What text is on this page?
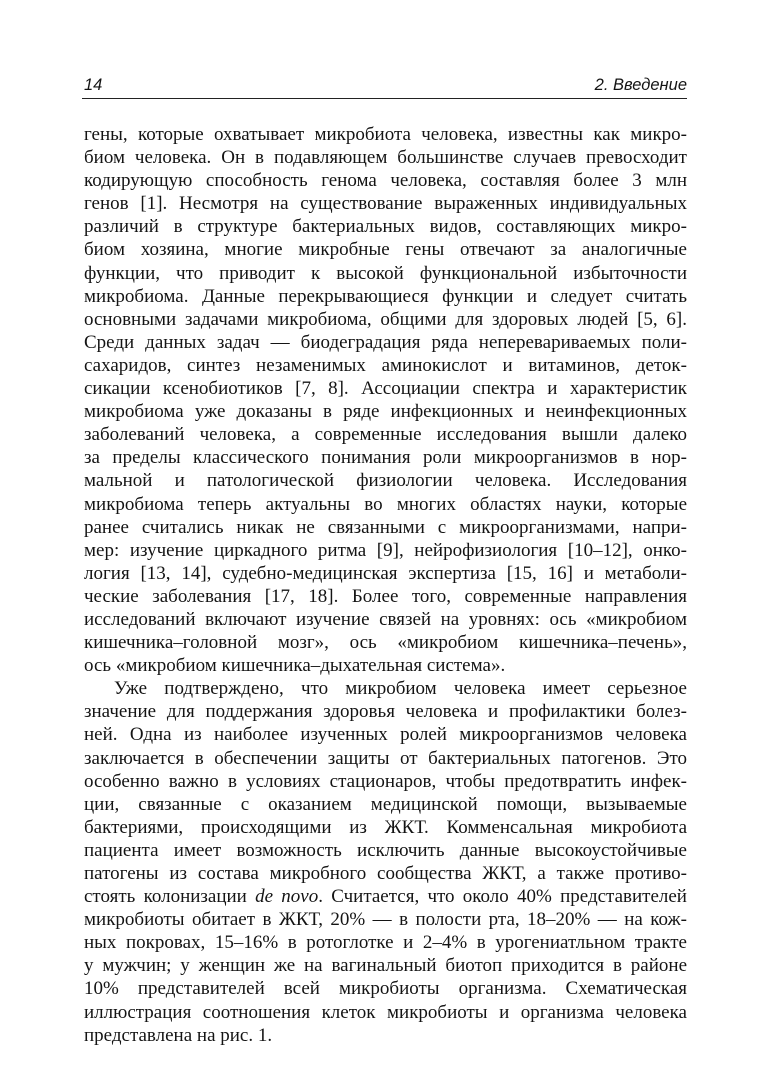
14	2. Введение
гены, которые охватывает микробиота человека, известны как микро-
биом человека. Он в подавляющем большинстве случаев превосходит
кодирующую способность генома человека, составляя более 3 млн
генов [1]. Несмотря на существование выраженных индивидуальных
различий в структуре бактериальных видов, составляющих микро-
биом хозяина, многие микробные гены отвечают за аналогичные
функции, что приводит к высокой функциональной избыточности
микробиома. Данные перекрывающиеся функции и следует считать
основными задачами микробиома, общими для здоровых людей [5, 6].
Среди данных задач — биодеградация ряда неперевариваемых поли-
сахаридов, синтез незаменимых аминокислот и витаминов, деток-
сикации ксенобиотиков [7, 8]. Ассоциации спектра и характеристик
микробиома уже доказаны в ряде инфекционных и неинфекционных
заболеваний человека, а современные исследования вышли далеко
за пределы классического понимания роли микроорганизмов в нор-
мальной и патологической физиологии человека. Исследования
микробиома теперь актуальны во многих областях науки, которые
ранее считались никак не связанными с микроорганизмами, напри-
мер: изучение циркадного ритма [9], нейрофизиология [10–12], онко-
логия [13, 14], судебно-медицинская экспертиза [15, 16] и метаболи-
ческие заболевания [17, 18]. Более того, современные направления
исследований включают изучение связей на уровнях: ось «микробиом
кишечника–головной мозг», ось «микробиом кишечника–печень»,
ось «микробиом кишечника–дыхательная система».
Уже подтверждено, что микробиом человека имеет серьезное
значение для поддержания здоровья человека и профилактики болез-
ней. Одна из наиболее изученных ролей микроорганизмов человека
заключается в обеспечении защиты от бактериальных патогенов. Это
особенно важно в условиях стационаров, чтобы предотвратить инфек-
ции, связанные с оказанием медицинской помощи, вызываемые
бактериями, происходящими из ЖКТ. Комменсальная микробиота
пациента имеет возможность исключить данные высокоустойчивые
патогены из состава микробного сообщества ЖКТ, а также противо-
стоять колонизации de novo. Считается, что около 40% представителей
микробиоты обитает в ЖКТ, 20% — в полости рта, 18–20% — на кож-
ных покровах, 15–16% в ротоглотке и 2–4% в урогениатльном тракте
у мужчин; у женщин же на вагинальный биотоп приходится в районе
10% представителей всей микробиоты организма. Схематическая
иллюстрация соотношения клеток микробиоты и организма человека
представлена на рис. 1.
